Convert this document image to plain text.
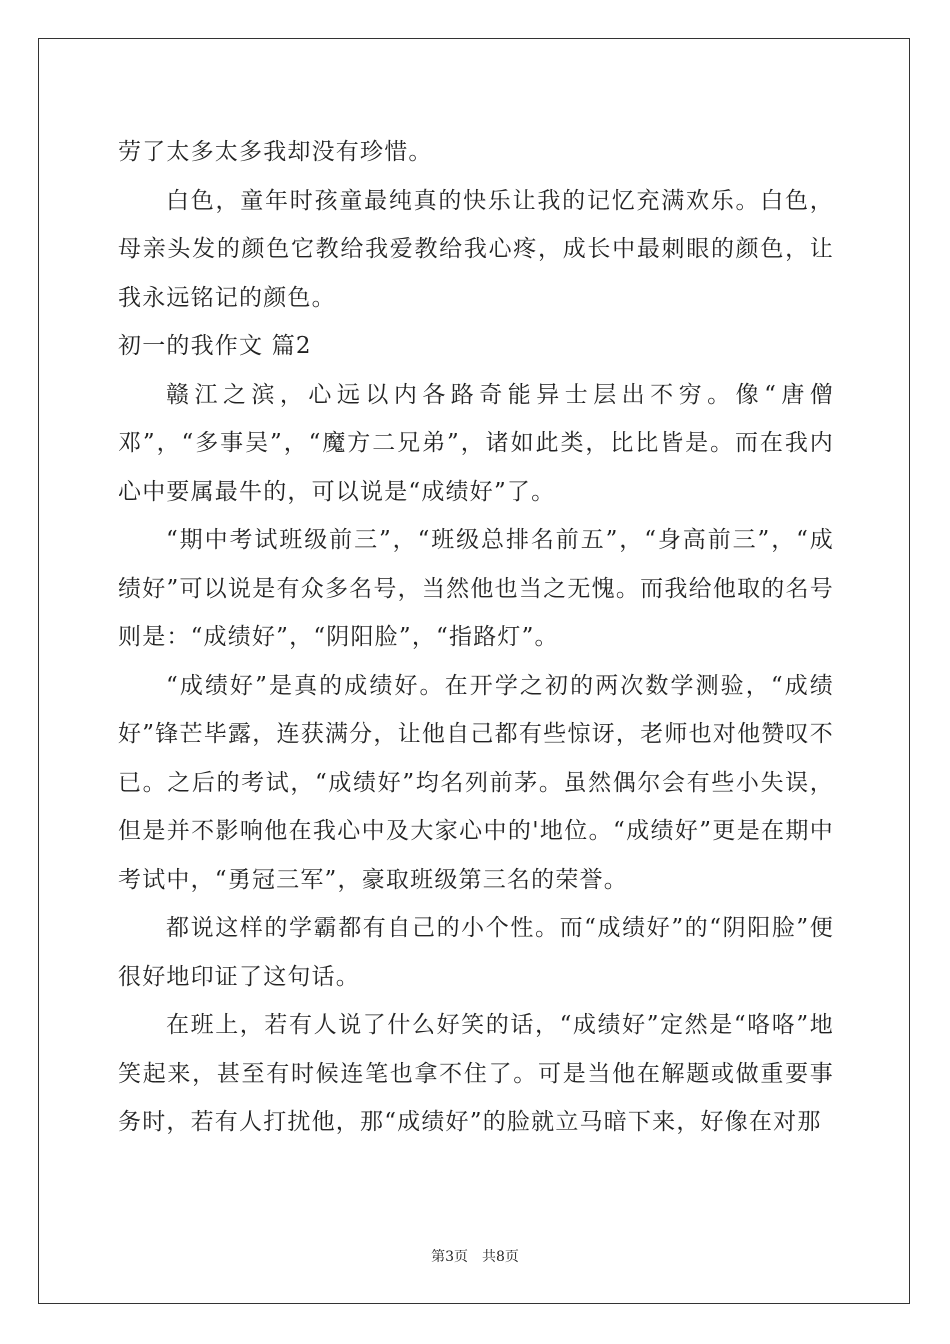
劳了太多太多我却没有珍惜。

白色，童年时孩童最纯真的快乐让我的记忆充满欢乐。白色，母亲头发的颜色它教给我爱教给我心疼，成长中最刺眼的颜色，让我永远铭记的颜色。

初一的我作文 篇2

赣江之滨，心远以内各路奇能异士层出不穷。像“唐僧邓”，“多事吴”，“魔方二兄弟”，诸如此类，比比皆是。而在我内心中要属最牛的，可以说是“成绩好”了。

“期中考试班级前三”，“班级总排名前五”，“身高前三”，“成绩好”可以说是有众多名号，当然他也当之无愧。而我给他取的名号则是：“成绩好”，“阴阳脸”，“指路灯”。

“成绩好”是真的成绩好。在开学之初的两次数学测验，“成绩好”锋芒毕露，连获满分，让他自己都有些惊讶，老师也对他赞叹不已。之后的考试，“成绩好”均名列前茅。虽然偶尔会有些小失误，但是并不影响他在我心中及大家心中的'地位。“成绩好”更是在期中考试中，“勇冠三军”，豪取班级第三名的荣誉。

都说这样的学霸都有自己的小个性。而“成绩好”的“阴阳脸”便很好地印证了这句话。

在班上，若有人说了什么好笑的话，“成绩好”定然是“咯咯”地笑起来，甚至有时候连笔也拿不住了。可是当他在解题或做重要事务时，若有人打扰他，那“成绩好”的脸就立马暗下来，好像在对那

第3页 共8页
